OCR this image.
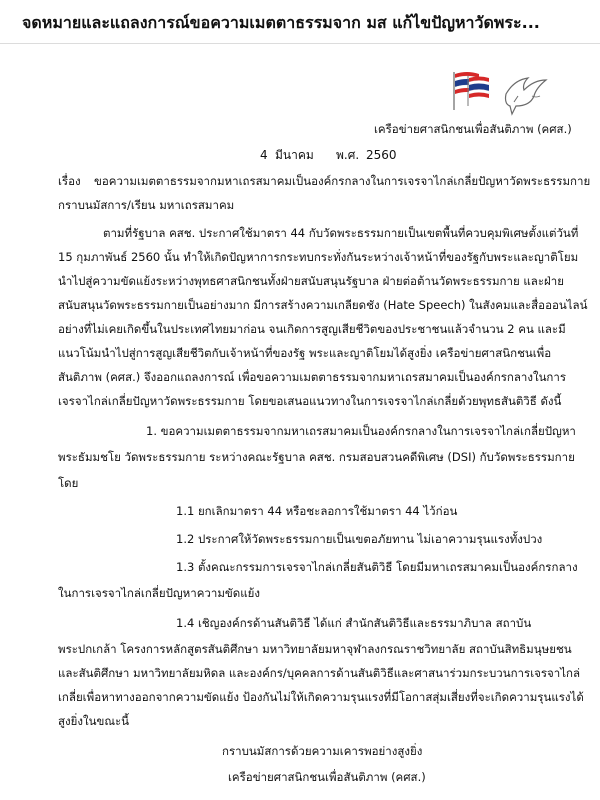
จดหมายและแถลงการณ์ขอความเมตตาธรรมจาก มส แก้ไขปัญหาวัดพระ...
เครือข่ายศาสนิกชนเพื่อสันติภาพ (คศส.)
4 มีนาคม พ.ศ. 2560
เรื่อง ขอความเมตตาธรรมจากมหาเถรสมาคมเป็นองค์กรกลางในการเจรจาไกล่เกลี่ยปัญหาวัดพระธรรมกาย
กราบนมัสการ/เรียน มหาเถรสมาคม
ตามที่รัฐบาล คสช. ประกาศใช้มาตรา 44 กับวัดพระธรรมกายเป็นเขตพื้นที่ควบคุมพิเศษตั้งแต่วันที่
15 กุมภาพันธ์ 2560 นั้น ทำให้เกิดปัญหาการกระทบกระทั่งกันระหว่างเจ้าหน้าที่ของรัฐกับพระและญาติโยม
นำไปสู่ความขัดแย้งระหว่างพุทธศาสนิกชนทั้งฝ่ายสนับสนุนรัฐบาล ฝ่ายต่อต้านวัดพระธรรมกาย และฝ่าย
สนับสนุนวัดพระธรรมกายเป็นอย่างมาก มีการสร้างความเกลียดชัง (Hate Speech) ในสังคมและสื่อออนไลน์
อย่างที่ไม่เคยเกิดขึ้นในประเทศไทยมาก่อน จนเกิดการสูญเสียชีวิตของประชาชนแล้วจำนวน 2 คน และมี
แนวโน้มนำไปสู่การสูญเสียชีวิตกับเจ้าหน้าที่ของรัฐ พระและญาติโยมได้สูงยิ่ง เครือข่ายศาสนิกชนเพื่อ
สันติภาพ (คศส.) จึงออกแถลงการณ์ เพื่อขอความเมตตาธรรมจากมหาเถรสมาคมเป็นองค์กรกลางในการ
เจรจาไกล่เกลี่ยปัญหาวัดพระธรรมกาย โดยขอเสนอแนวทางในการเจรจาไกล่เกลี่ยด้วยพุทธสันติวิธี ดังนี้
1. ขอความเมตตาธรรมจากมหาเถรสมาคมเป็นองค์กรกลางในการเจรจาไกล่เกลี่ยปัญหา
พระธัมมชโย วัดพระธรรมกาย ระหว่างคณะรัฐบาล คสช. กรมสอบสวนคดีพิเศษ (DSI) กับวัดพระธรรมกาย
โดย
1.1 ยกเลิกมาตรา 44 หรือชะลอการใช้มาตรา 44 ไว้ก่อน
1.2 ประกาศให้วัดพระธรรมกายเป็นเขตอภัยทาน ไม่เอาความรุนแรงทั้งปวง
1.3 ตั้งคณะกรรมการเจรจาไกล่เกลี่ยสันติวิธี โดยมีมหาเถรสมาคมเป็นองค์กรกลาง
ในการเจรจาไกล่เกลี่ยปัญหาความขัดแย้ง
1.4 เชิญองค์กรด้านสันติวิธี ได้แก่ สำนักสันติวิธีและธรรมาภิบาล สถาบัน
พระปกเกล้า โครงการหลักสูตรสันติศึกษา มหาวิทยาลัยมหาจุฬาลงกรณราชวิทยาลัย สถาบันสิทธิมนุษยชน
และสันติศึกษา มหาวิทยาลัยมหิดล และองค์กร/บุคคลการด้านสันติวิธีและศาสนาร่วมกระบวนการเจรจาไกล่
เกลี่ยเพื่อหาทางออกจากความขัดแย้ง ป้องกันไม่ให้เกิดความรุนแรงที่มีโอกาสสุ่มเสี่ยงที่จะเกิดความรุนแรงได้
สูงยิ่งในขณะนี้
กราบนมัสการด้วยความเคารพอย่างสูงยิ่ง
เครือข่ายศาสนิกชนเพื่อสันติภาพ (คศส.)
